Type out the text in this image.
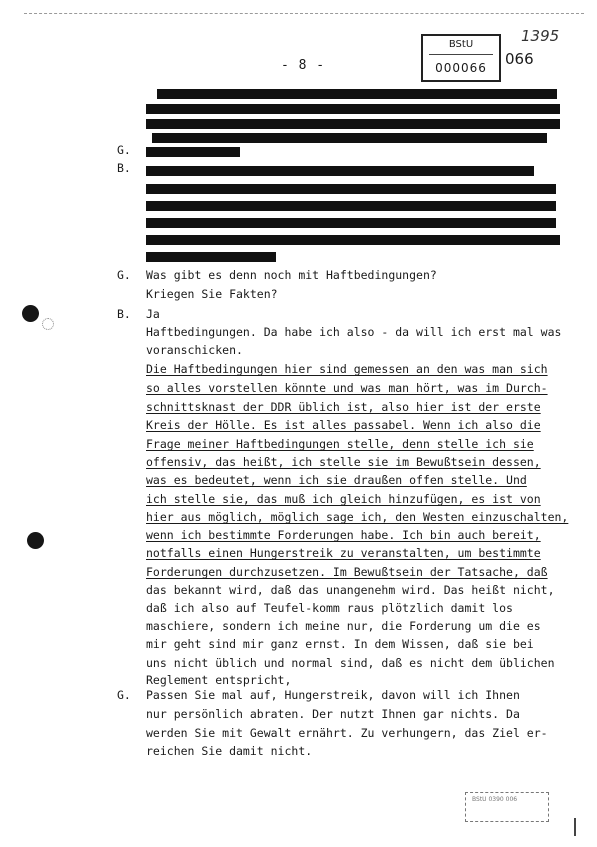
- 8 -
BStU
000066	066
1395
G.
B.
G.
B.
G.
Was gibt es denn noch mit Haftbedingungen?
Kriegen Sie Fakten?
Ja
Haftbedingungen. Da habe ich also - da will ich erst mal was
voranschicken.
Die Haftbedingungen hier sind gemessen an den was man sich
so alles vorstellen könnte und was man hört, was im Durch-
schnittsknast der DDR üblich ist, also hier ist der erste
Kreis der Hölle. Es ist alles passabel. Wenn ich also die
Frage meiner Haftbedingungen stelle, denn stelle ich sie
offensiv, das heißt, ich stelle sie im Bewußtsein dessen,
was es bedeutet, wenn ich sie draußen offen stelle. Und
ich stelle sie, das muß ich gleich hinzufügen, es ist von
hier aus möglich, möglich sage ich, den Westen einzuschalten,
wenn ich bestimmte Forderungen habe. Ich bin auch bereit,
notfalls einen Hungerstreik zu veranstalten, um bestimmte
Forderungen durchzusetzen. Im Bewußtsein der Tatsache, daß
das bekannt wird, daß das unangenehm wird. Das heißt nicht,
daß ich also auf Teufel-komm raus plötzlich damit los
maschiere, sondern ich meine nur, die Forderung um die es
mir geht sind mir ganz ernst. In dem Wissen, daß sie bei
uns nicht üblich und normal sind, daß es nicht dem üblichen
Reglement entspricht,
Passen Sie mal auf, Hungerstreik, davon will ich Ihnen
nur persönlich abraten. Der nutzt Ihnen gar nichts. Da
werden Sie mit Gewalt ernährt. Zu verhungern, das Ziel er-
reichen Sie damit nicht.
BStU 0390 006
